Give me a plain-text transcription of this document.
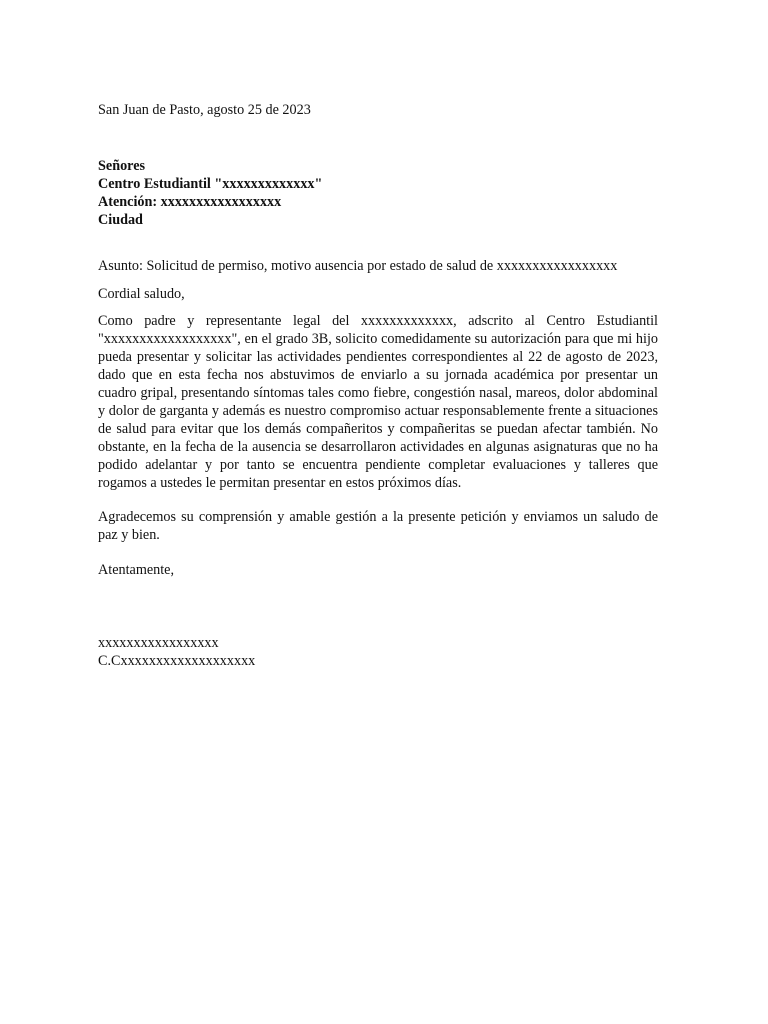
San Juan de Pasto, agosto 25 de 2023
Señores
Centro Estudiantil "xxxxxxxxxxxxx"
Atención: xxxxxxxxxxxxxxxxx
Ciudad
Asunto: Solicitud de permiso, motivo ausencia por estado de salud de xxxxxxxxxxxxxxxxx
Cordial saludo,

Como padre y representante legal del xxxxxxxxxxxxx, adscrito al Centro Estudiantil "xxxxxxxxxxxxxxxxxx", en el grado 3B, solicito comedidamente su autorización para que mi hijo pueda presentar y solicitar las actividades pendientes correspondientes al 22 de agosto de 2023, dado que en esta fecha nos abstuvimos de enviarlo a su jornada académica por presentar un cuadro gripal, presentando síntomas tales como fiebre, congestión nasal, mareos, dolor abdominal y dolor de garganta y además es nuestro compromiso actuar responsablemente frente a situaciones de salud para evitar que los demás compañeritos y compañeritas se puedan afectar también. No obstante, en la fecha de la ausencia se desarrollaron actividades en algunas asignaturas que no ha podido adelantar y por tanto se encuentra pendiente completar evaluaciones y talleres que rogamos a ustedes le permitan presentar en estos próximos días.

Agradecemos su comprensión y amable gestión a la presente petición y enviamos un saludo de paz y bien.

Atentamente,
xxxxxxxxxxxxxxxxx
C.Cxxxxxxxxxxxxxxxxxxx
